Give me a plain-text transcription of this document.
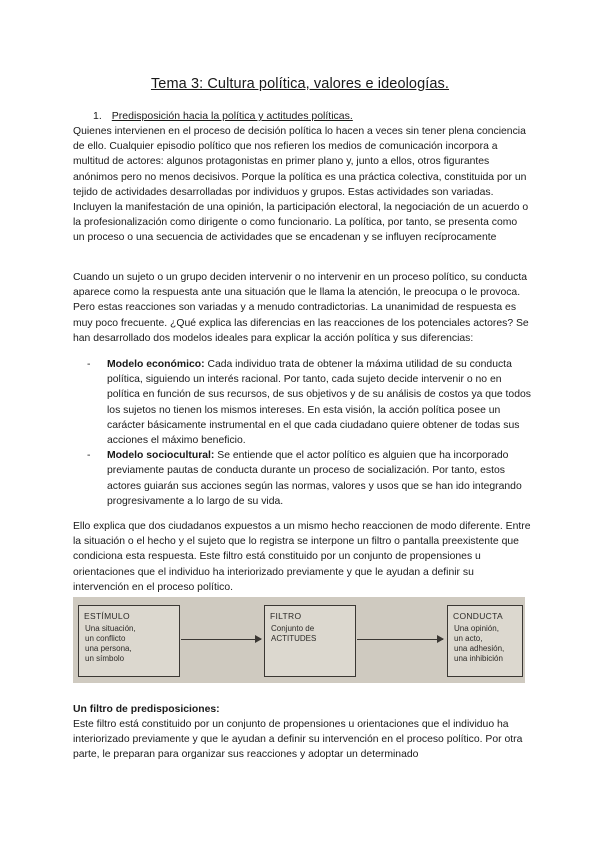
Tema 3: Cultura política, valores e ideologías.
1. Predisposición hacia la política y actitudes políticas.

Quienes intervienen en el proceso de decisión política lo hacen a veces sin tener plena conciencia de ello. Cualquier episodio político que nos refieren los medios de comunicación incorpora a multitud de actores: algunos protagonistas en primer plano y, junto a ellos, otros figurantes anónimos pero no menos decisivos. Porque la política es una práctica colectiva, constituida por un tejido de actividades desarrolladas por individuos y grupos. Estas actividades son variadas. Incluyen la manifestación de una opinión, la participación electoral, la negociación de un acuerdo o la profesionalización como dirigente o como funcionario. La política, por tanto, se presenta como un proceso o una secuencia de actividades que se encadenan y se influyen recíprocamente

Cuando un sujeto o un grupo deciden intervenir o no intervenir en un proceso político, su conducta aparece como la respuesta ante una situación que le llama la atención, le preocupa o le provoca. Pero estas reacciones son variadas y a menudo contradictorias. La unanimidad de respuesta es muy poco frecuente. ¿Qué explica las diferencias en las reacciones de los potenciales actores? Se han desarrollado dos modelos ideales para explicar la acción política y sus diferencias:

- Modelo económico: Cada individuo trata de obtener la máxima utilidad de su conducta política, siguiendo un interés racional. Por tanto, cada sujeto decide intervenir o no en política en función de sus recursos, de sus objetivos y de su análisis de costos ya que todos los sujetos no tienen los mismos intereses. En esta visión, la acción política posee un carácter básicamente instrumental en el que cada ciudadano quiere obtener de todas sus acciones el máximo beneficio.
- Modelo sociocultural: Se entiende que el actor político es alguien que ha incorporado previamente pautas de conducta durante un proceso de socialización. Por tanto, estos actores guiarán sus acciones según las normas, valores y usos que se han ido integrando progresivamente a lo largo de su vida.

Ello explica que dos ciudadanos expuestos a un mismo hecho reaccionen de modo diferente. Entre la situación o el hecho y el sujeto que lo registra se interpone un filtro o pantalla preexistente que condiciona esta respuesta. Este filtro está constituido por un conjunto de propensiones u orientaciones que el individuo ha interiorizado previamente y que le ayudan a definir su intervención en el proceso político.

ESTÍMULO
Una situación,
un conflicto
una persona,
un símbolo
FILTRO
Conjunto de
ACTITUDES
CONDUCTA
Una opinión,
un acto,
una adhesión,
una inhibición
Un filtro de predisposiciones:

Este filtro está constituido por un conjunto de propensiones u orientaciones que el individuo ha interiorizado previamente y que le ayudan a definir su intervención en el proceso político. Por otra parte, le preparan para organizar sus reacciones y adoptar un determinado
